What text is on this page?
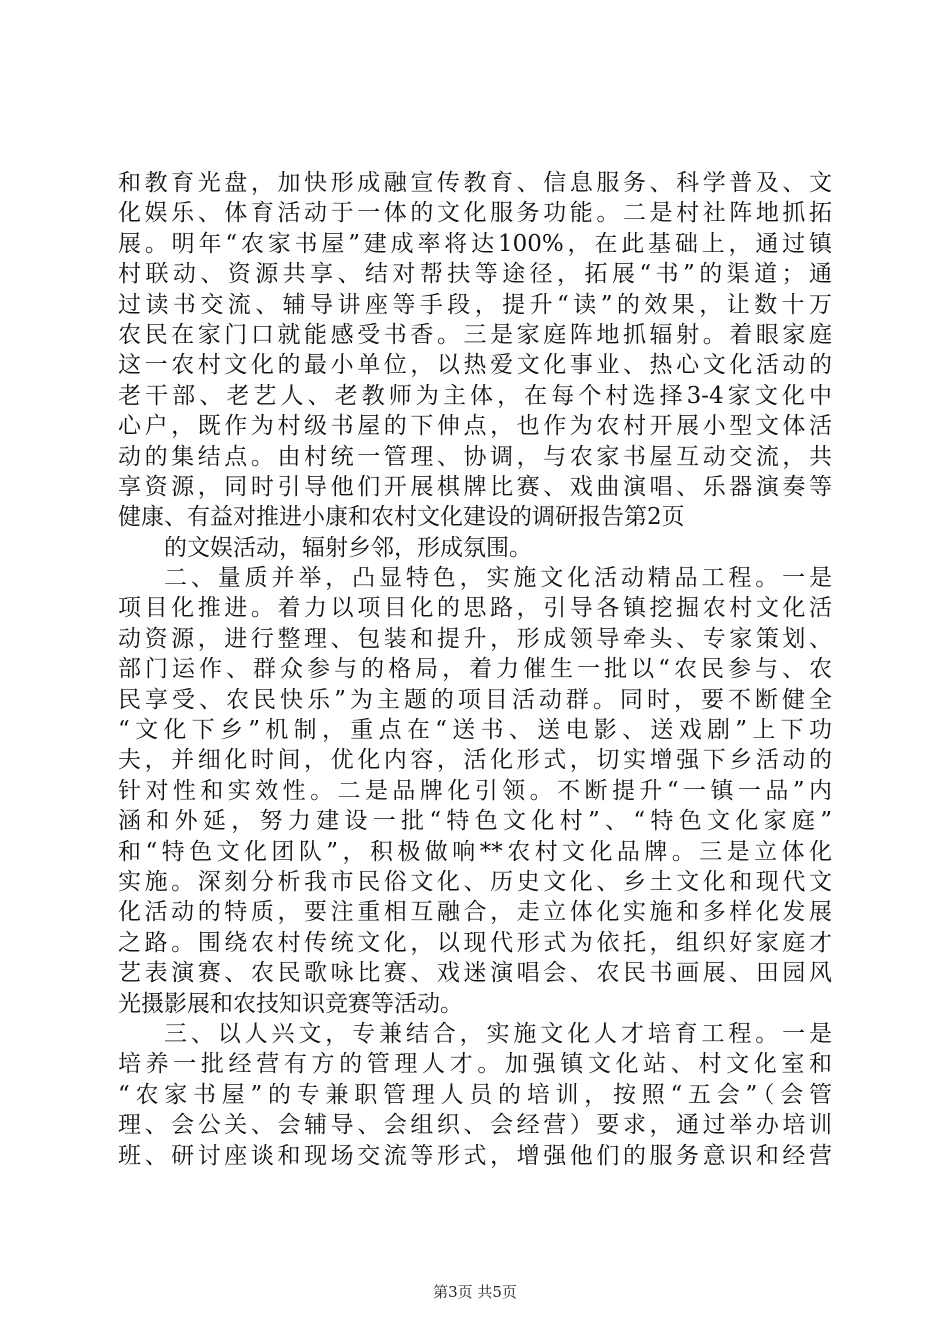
和教育光盘，加快形成融宣传教育、信息服务、科学普及、文
化娱乐、体育活动于一体的文化服务功能。二是村社阵地抓拓
展。明年“农家书屋”建成率将达100%，在此基础上，通过镇
村联动、资源共享、结对帮扶等途径，拓展“书”的渠道；通
过读书交流、辅导讲座等手段，提升“读”的效果，让数十万
农民在家门口就能感受书香。三是家庭阵地抓辐射。着眼家庭
这一农村文化的最小单位，以热爱文化事业、热心文化活动的
老干部、老艺人、老教师为主体，在每个村选择3-4家文化中
心户，既作为村级书屋的下伸点，也作为农村开展小型文体活
动的集结点。由村统一管理、协调，与农家书屋互动交流，共
享资源，同时引导他们开展棋牌比赛、戏曲演唱、乐器演奏等
健康、有益对推进小康和农村文化建设的调研报告第2页
的文娱活动，辐射乡邻，形成氛围。
二、量质并举，凸显特色，实施文化活动精品工程。一是
项目化推进。着力以项目化的思路，引导各镇挖掘农村文化活
动资源，进行整理、包装和提升，形成领导牵头、专家策划、
部门运作、群众参与的格局，着力催生一批以“农民参与、农
民享受、农民快乐”为主题的项目活动群。同时，要不断健全
“文化下乡”机制，重点在“送书、送电影、送戏剧”上下功
夫，并细化时间，优化内容，活化形式，切实增强下乡活动的
针对性和实效性。二是品牌化引领。不断提升“一镇一品”内
涵和外延，努力建设一批“特色文化村”、“特色文化家庭”
和“特色文化团队”，积极做响**农村文化品牌。三是立体化
实施。深刻分析我市民俗文化、历史文化、乡土文化和现代文
化活动的特质，要注重相互融合，走立体化实施和多样化发展
之路。围绕农村传统文化，以现代形式为依托，组织好家庭才
艺表演赛、农民歌咏比赛、戏迷演唱会、农民书画展、田园风
光摄影展和农技知识竞赛等活动。
三、以人兴文，专兼结合，实施文化人才培育工程。一是
培养一批经营有方的管理人才。加强镇文化站、村文化室和
“农家书屋”的专兼职管理人员的培训，按照“五会”（会管
理、会公关、会辅导、会组织、会经营）要求，通过举办培训
班、研讨座谈和现场交流等形式，增强他们的服务意识和经营
第3页 共5页
